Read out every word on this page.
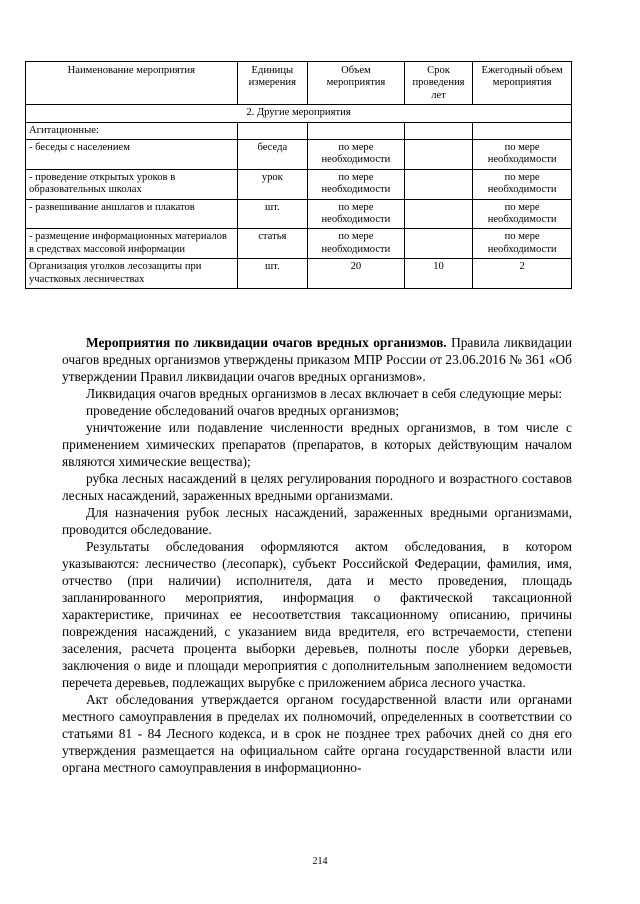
Наименование мероприятия	Единицы измерения	Объем мероприятия	Срок проведения лет	Ежегодный объем мероприятия
2. Другие мероприятия				
Агитационные:				
- беседы с населением	беседа	по мере необходимости		по мере необходимости
- проведение открытых уроков в образовательных школах	урок	по мере необходимости		по мере необходимости
- развешивание аншлагов и плакатов	шт.	по мере необходимости		по мере необходимости
- размещение информационных материалов в средствах массовой информации	статья	по мере необходимости		по мере необходимости
Организация уголков лесозащиты при участковых лесничествах	шт.	20	10	2

Мероприятия по ликвидации очагов вредных организмов. Правила ликвидации очагов вредных организмов утверждены приказом МПР России от 23.06.2016 № 361 «Об утверждении Правил ликвидации очагов вредных организмов».

Ликвидация очагов вредных организмов в лесах включает в себя следующие меры:

проведение обследований очагов вредных организмов;

уничтожение или подавление численности вредных организмов, в том числе с применением химических препаратов (препаратов, в которых действующим началом являются химические вещества);

рубка лесных насаждений в целях регулирования породного и возрастного составов лесных насаждений, зараженных вредными организмами.

Для назначения рубок лесных насаждений, зараженных вредными организмами, проводится обследование.

Результаты обследования оформляются актом обследования, в котором указываются: лесничество (лесопарк), субъект Российской Федерации, фамилия, имя, отчество (при наличии) исполнителя, дата и место проведения, площадь запланированного мероприятия, информация о фактической таксационной характеристике, причинах ее несоответствия таксационному описанию, причины повреждения насаждений, с указанием вида вредителя, его встречаемости, степени заселения, расчета процента выборки деревьев, полноты после уборки деревьев, заключения о виде и площади мероприятия с дополнительным заполнением ведомости перечета деревьев, подлежащих вырубке с приложением абриса лесного участка.

Акт обследования утверждается органом государственной власти или органами местного самоуправления в пределах их полномочий, определенных в соответствии со статьями 81 - 84 Лесного кодекса, и в срок не позднее трех рабочих дней со дня его утверждения размещается на официальном сайте органа государственной власти или органа местного самоуправления в информационно-

214
